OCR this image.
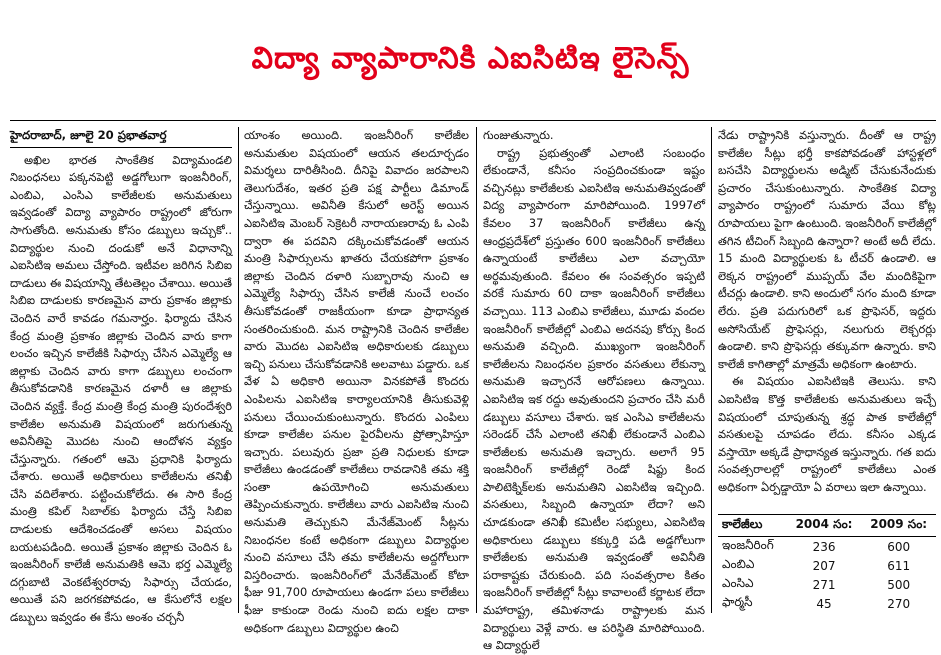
విద్యా వ్యాపారానికి ఎఐసిటిఇ లైసెన్స్
హైదరాబాద్, జూలై 20 ప్రభాతవార్త

అఖిల భారత సాంకేతిక విద్యామండలి నిబంధనలు పక్కనపెట్టి అడ్డగోలుగా ఇంజనీరింగ్, ఎంబిఎ, ఎంసిఎ కాలేజీలకు అనుమతులు ఇవ్వడంతో విద్యా వ్యాపారం రాష్ట్రంలో జోరుగా సాగుతోంది. అనుమతు కోసం డబ్బులు ఇచ్చుకో.. విద్యార్థుల నుంచి దండుకో అనే విధానాన్ని ఎఐసిటిఇ అమలు చేస్తోంది. ఇటీవల జరిగిన సిబిఐ దాడులు ఈ విషయాన్ని తేటతెల్లం చేశాయి. అయితే సిబిఐ దాడులకు కారణమైన వారు ప్రకాశం జిల్లాకు చెందిన వారే కావడం గమనార్హం. ఫిర్యాదు చేసిన కేంద్ర మంత్రి ప్రకాశం జిల్లాకు చెందిన వారు కాగా లంచం ఇచ్చిన కాలేజీకి సిఫార్సు చేసిన ఎమ్మెల్యే ఆ జిల్లాకు చెందిన వారు కాగా డబ్బులు లంచంగా తీసుకోవడానికి కారణమైన దళారీ ఆ జిల్లాకు చెందిన వ్యక్తే. కేంద్ర మంత్రి కేంద్ర మంత్రి పురందేశ్వరి కాలేజీల అనుమతి విషయంలో జరుగుతున్న అవినీతిపై మొదట నుంచి ఆందోళన వ్యక్తం చేస్తున్నారు. గతంలో ఆమె ప్రధానికి ఫిర్యాదు చేశారు. అయితే అధికారులు కాలేజీలను తనిఖీ చేసి వదిలేశారు. పట్టించుకోలేదు. ఈ సారి కేంద్ర మంత్రి కపిల్ సిబాల్‌కు ఫిర్యాదు చేస్తే సిబిఐ దాడులకు ఆదేశించడంతో అసలు విషయం బయటపడింది. అయితే ప్రకాశం జిల్లాకు చెందిన ఓ ఇంజనీరింగ్ కాలేజీ అనుమతికి ఆమె భర్త ఎమ్మెల్యే దగ్గుబాటి వెంకటేశ్వరరావు సిఫార్సు చేయడం, అయితే పని జరగకపోవడం, ఆ కేసులోనే లక్షల డబ్బులు ఇవ్వడం ఈ కేసు అంశం చర్చనీ

యాంశం అయింది. ఇంజనీరింగ్ కాలేజీల అనుమతుల విషయంలో ఆయన తలదూర్చడం విమర్శలు దారితీసింది. దీనిపై వివాదం జరపాలని తెలుగుదేశం, ఇతర ప్రతి పక్ష పార్టీలు డిమాండ్ చేస్తున్నాయి. అవినీతి కేసులో అరెస్ట్ అయిన ఎఐసిటిఇ మెంబర్ సెక్రెటరీ నారాయణరావు ఓ ఎంపి ద్వారా ఈ పదవిని దక్కించుకోవడంతో ఆయన మంత్రి సిఫార్సులను ఖాతరు చేయకపోగా ప్రకాశం జిల్లాకు చెందిన దళారి సుబ్బారావు నుంచి ఆ ఎమ్మెల్యే సిఫార్సు చేసిన కాలేజీ నుంచే లంచం తీసుకోవడంతో రాజకీయంగా కూడా ప్రాధాన్యత సంతరించుకుంది. మన రాష్ట్రానికి చెందిన కాలేజీల వారు మొదట ఎఐసిటిఇ అధికారులకు డబ్బులు ఇచ్చి పనులు చేసుకోవడానికి అలవాటు పడ్డారు. ఒక వేళ ఏ అధికారి అయినా వినకపోతే కొందరు ఎంపిలను ఎఐసిటిఇ కార్యాలయానికి తీసుకువెళ్లి పనులు చేయించుకుంటున్నారు. కొందరు ఎంపిలు కూడా కాలేజీల పనుల పైరవీలను ప్రోత్సాహిస్తూ ఇచ్చారు. పలువురు ప్రజా ప్రతి నిధులకు కూడా కాలేజీలు ఉండడంతో కాలేజీలు రావడానికి తమ శక్తి సంతా ఉపయోగించి అనుమతులు తెప్పించుకున్నారు. కాలేజీలు వారు ఎఐసిటిఇ నుంచి అనుమతి తెచ్చుకుని మేనేజ్‌మెంట్ సీట్లను నిబంధనల కంటే అధికంగా డబ్బులు విద్యార్థుల నుంచి వసూలు చేసి తమ కాలేజీలను అద్దగోలుగా విస్తరించారు. ఇంజనీరింగ్‌లో మేనేజ్‌మెంట్ కోటా ఫీజు 91,700 రూపాయలు ఉండగా పలు కాలేజీలు ఫీజు కాకుండా రెండు నుంచి ఐదు లక్షల దాకా అధికంగా డబ్బులు విద్యార్థుల ఉంచి

గుంజుతున్నారు.

రాష్ట్ర ప్రభుత్వంతో ఎలాంటి సంబంధం లేకుండానే, కనీసం సంప్రదించకుండా ఇష్టం వచ్చినట్లు కాలేజీలకు ఎఐసిటిఇ అనుమతివ్వడంతో విద్య వ్యాపారంగా మారిపోయింది. 1997లో కేవలం 37 ఇంజనీరింగ్ కాలేజీలు ఉన్న ఆంధ్రప్రదేశ్‌లో ప్రస్తుతం 600 ఇంజనీరింగ్ కాలేజీలు ఉన్నాయంటే కాలేజీలు ఎలా వచ్చాయో అర్థమవుతుంది. కేవలం ఈ సంవత్సరం ఇప్పటి వరకే సుమారు 60 దాకా ఇంజనీరింగ్ కాలేజీలు వచ్చాయి. 113 ఎంబిఎ కాలేజీలు, మూడు వందల ఇంజనీరింగ్ కాలేజీల్లో ఎంబిఎ అదనపు కోర్సు కింద అనుమతి వచ్చింది. ముఖ్యంగా ఇంజనీరింగ్ కాలేజీలను నిబంధనల ప్రకారం వసతులు లేకున్నా అనుమతి ఇచ్చారనే ఆరోపణలు ఉన్నాయి. ఎఐసిటిఇ ఇక రద్దు అవుతుందని ప్రచారం చేసి మరీ డబ్బులు వసూలు చేశారు. ఇక ఎంసిఎ కాలేజీలను సరెండర్ చేసే ఎలాంటి తనిఖీ లేకుండానే ఎంబిఎ కాలేజీలకు అనుమతి ఇచ్చారు. అలాగే 95 ఇంజనీరింగ్ కాలేజీల్లో రెండో షిఫ్టు కింద పాలిటెక్నిక్‌లకు అనుమతిని ఎఐసిటిఇ ఇచ్చింది. వసతులు, సిబ్బంది ఉన్నాయా లేదా? అని చూడకుండా తనిఖీ కమిటీల సభ్యులు, ఎఐసిటిఇ అధికారులు డబ్బులు కక్కుర్తి పడి అడ్డగోలుగా కాలేజీలకు అనుమతి ఇవ్వడంతో అవినీతి పరాకాష్టకు చేరుకుంది. పది సంవత్సరాల కితం ఇంజనీరింగ్ కాలేజీల్లో సీట్లు కావాలంటే కర్ణాటక లేదా మహారాష్ట్ర, తమిళనాడు రాష్ట్రాలకు మన విద్యార్థులు వెళ్లే వారు. ఆ పరిస్థితి మారిపోయింది. ఆ విద్యార్థులే

నేడు రాష్ట్రానికి వస్తున్నారు. దీంతో ఆ రాష్ట్ర కాలేజీల సీట్లు భర్తీ కాకపోవడంతో హాస్టళ్లలో బసచేసి విద్యార్థులను అడ్మిట్ చేసుకునేందుకు ప్రచారం చేసుకుంటున్నారు. సాంకేతిక విద్యా వ్యాపారం రాష్ట్రంలో సుమారు వేయి కోట్ల రూపాయలు పైగా ఉంటుంది. ఇంజనీరింగ్ కాలేజీల్లో తగిన టీచింగ్ సిబ్బంది ఉన్నారా? అంటే అదీ లేదు. 15 మంది విద్యార్థులకు ఓ టీచర్ ఉండాలి. ఆ లెక్కన రాష్ట్రంలో ముప్పయ్ వేల మందికిపైగా టీచర్లు ఉండాలి. కాని అందులో సగం మంది కూడా లేరు. ప్రతి పదుగురిలో ఒక ప్రొఫెసర్, ఇద్దరు అసోసియేట్ ప్రొఫెసర్లు, నలుగురు లెక్చరర్లు ఉండాలి. కాని ప్రొఫెసర్లు తక్కువగా ఉన్నారు. కాని కాలేజీ కాగితాల్లో మాత్రమే అధికంగా ఉంటారు.

ఈ విషయం ఎఐసిటిఇకి తెలుసు. కాని ఎఐసిటిఇ కొత్త కాలేజీలకు అనుమతులు ఇచ్చే విషయంలో చూపుతున్న శ్రద్ధ పాత కాలేజీల్లో వసతులపై చూపడం లేదు. కనీసం ఎక్కడ వస్తాయో అక్కడే ప్రాధాన్యత ఇస్తున్నారు. గత ఐదు సంవత్సరాలల్లో రాష్ట్రంలో కాలేజీలు ఎంత అధికంగా ఏర్పడ్డాయో ఏ వరాలు ఇలా ఉన్నాయి.

కాలేజీలు	2004 సం:	2009 సం:
ఇంజనీరింగ్	236	600
ఎంబిఎ	207	611
ఎంసిఎ	271	500
ఫార్మసీ	45	270
